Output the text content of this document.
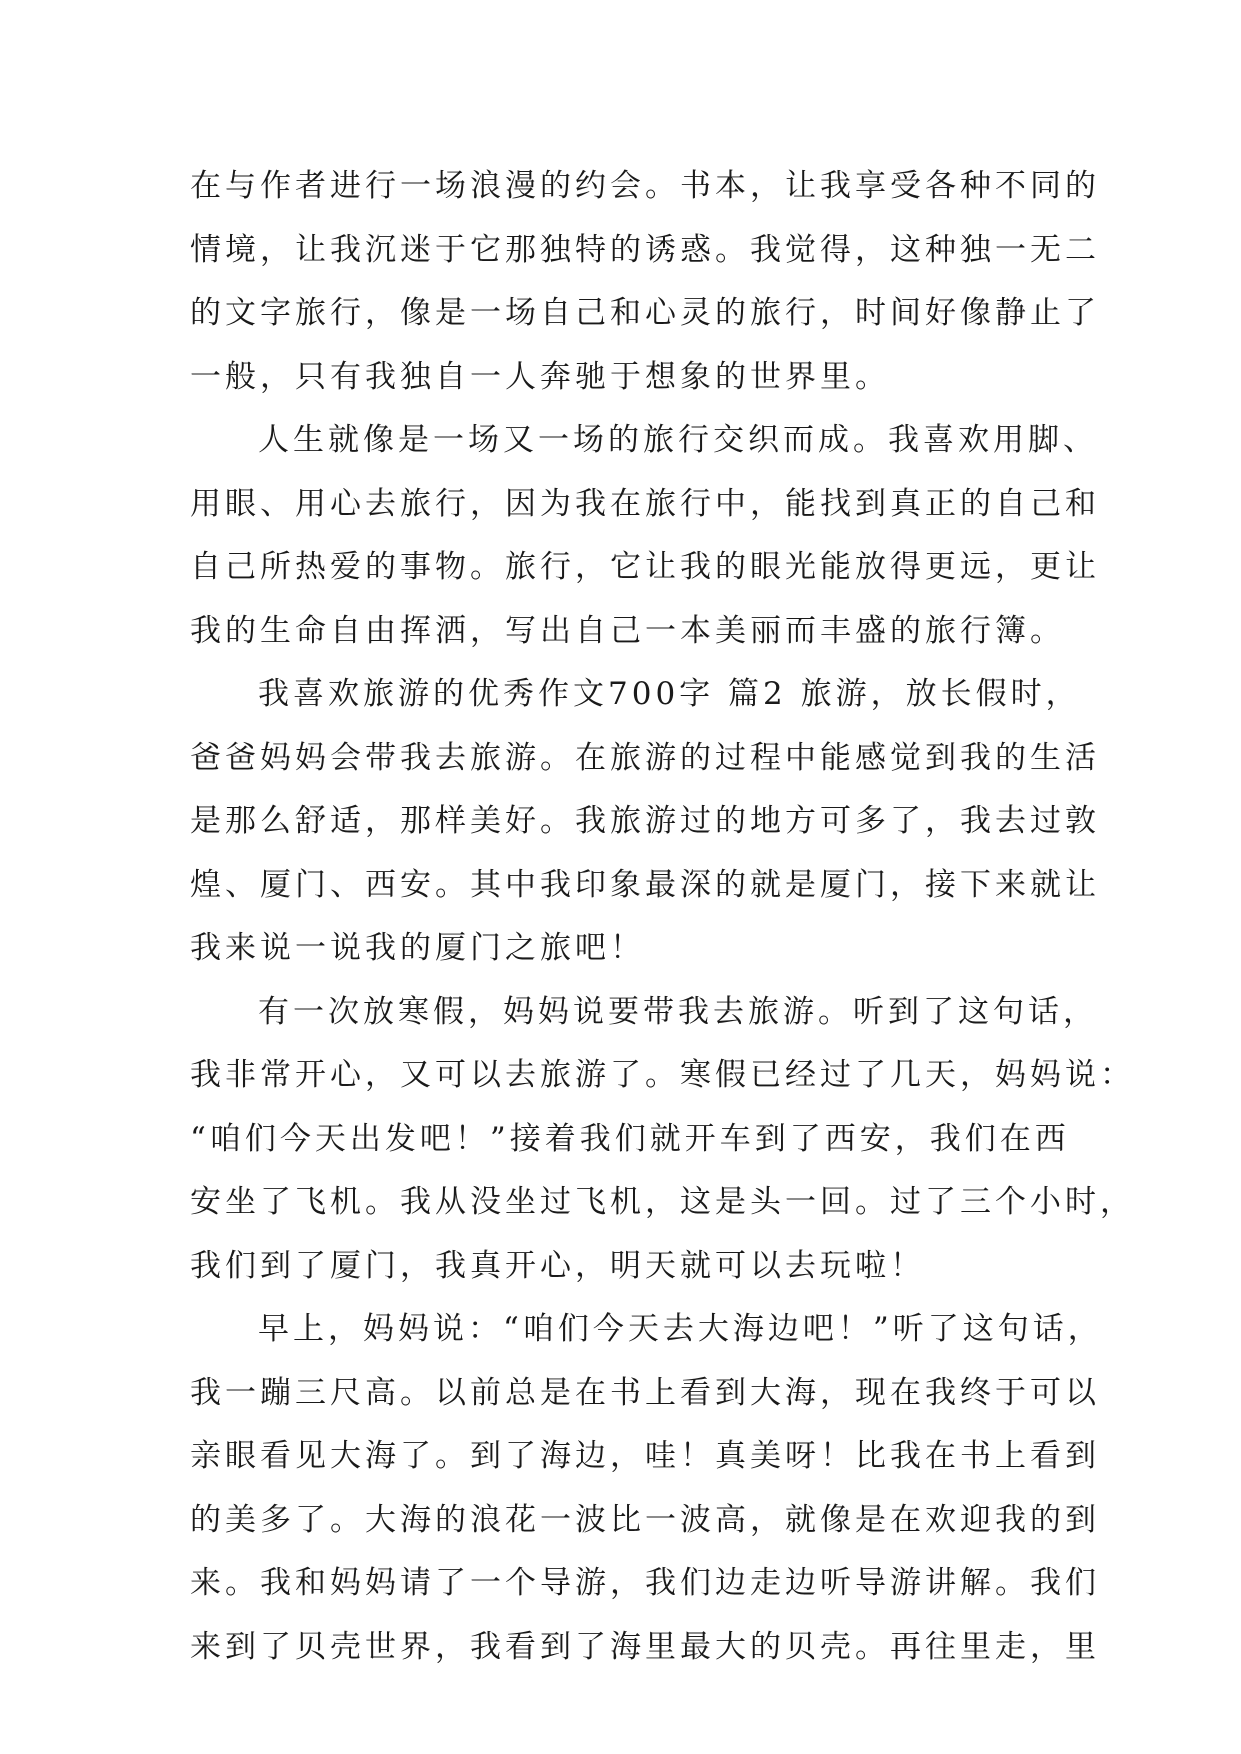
在与作者进行一场浪漫的约会。书本，让我享受各种不同的
情境，让我沉迷于它那独特的诱惑。我觉得，这种独一无二
的文字旅行，像是一场自己和心灵的旅行，时间好像静止了
一般，只有我独自一人奔驰于想象的世界里。
人生就像是一场又一场的旅行交织而成。我喜欢用脚、
用眼、用心去旅行，因为我在旅行中，能找到真正的自己和
自己所热爱的事物。旅行，它让我的眼光能放得更远，更让
我的生命自由挥洒，写出自己一本美丽而丰盛的旅行簿。
我喜欢旅游的优秀作文700字 篇2 旅游，放长假时，
爸爸妈妈会带我去旅游。在旅游的过程中能感觉到我的生活
是那么舒适，那样美好。我旅游过的地方可多了，我去过敦
煌、厦门、西安。其中我印象最深的就是厦门，接下来就让
我来说一说我的厦门之旅吧！
有一次放寒假，妈妈说要带我去旅游。听到了这句话，
我非常开心，又可以去旅游了。寒假已经过了几天，妈妈说：
“咱们今天出发吧！”接着我们就开车到了西安，我们在西
安坐了飞机。我从没坐过飞机，这是头一回。过了三个小时，
我们到了厦门，我真开心，明天就可以去玩啦！
早上，妈妈说：“咱们今天去大海边吧！”听了这句话，
我一蹦三尺高。以前总是在书上看到大海，现在我终于可以
亲眼看见大海了。到了海边，哇！真美呀！比我在书上看到
的美多了。大海的浪花一波比一波高，就像是在欢迎我的到
来。我和妈妈请了一个导游，我们边走边听导游讲解。我们
来到了贝壳世界，我看到了海里最大的贝壳。再往里走，里
